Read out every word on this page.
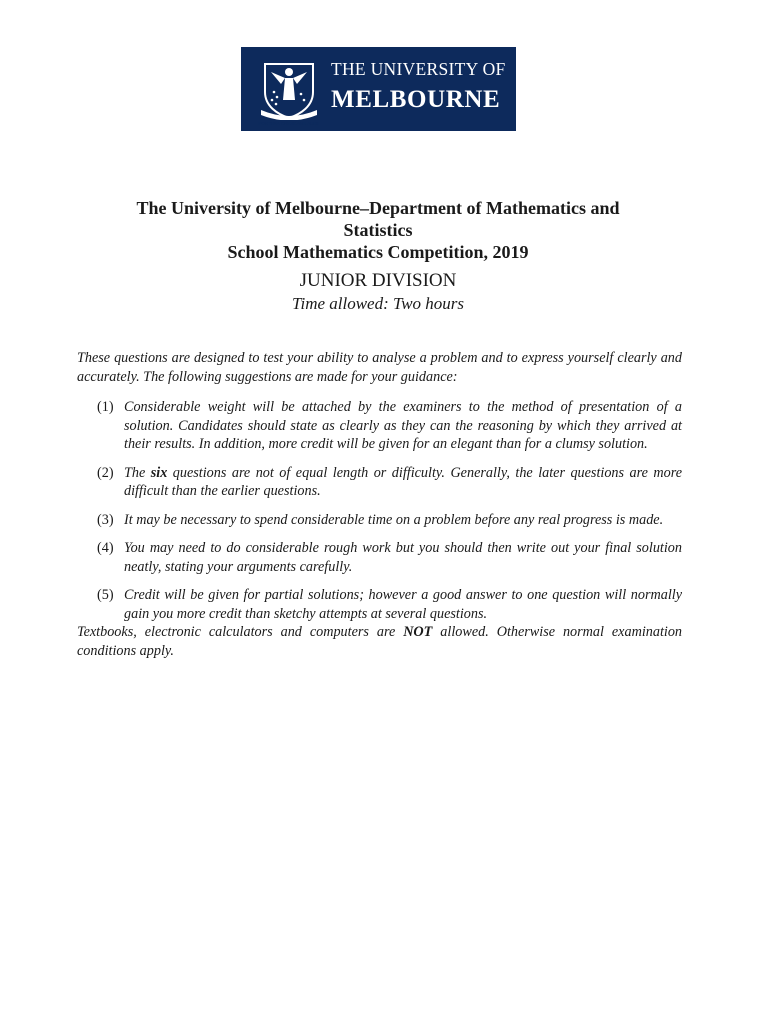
POSTERA CRESCAM LAUDE
THE UNIVERSITY OF
MELBOURNE
The University of Melbourne–Department of Mathematics and
Statistics
School Mathematics Competition, 2019
JUNIOR DIVISION
Time allowed: Two hours

These questions are designed to test your ability to analyse a problem and to express yourself clearly and accurately. The following suggestions are made for your guidance:

(1) Considerable weight will be attached by the examiners to the method of presentation of a solution. Candidates should state as clearly as they can the reasoning by which they arrived at their results. In addition, more credit will be given for an elegant than for a clumsy solution.
(2) The six questions are not of equal length or difficulty. Generally, the later questions are more difficult than the earlier questions.
(3) It may be necessary to spend considerable time on a problem before any real progress is made.
(4) You may need to do considerable rough work but you should then write out your final solution neatly, stating your arguments carefully.
(5) Credit will be given for partial solutions; however a good answer to one question will normally gain you more credit than sketchy attempts at several questions.

Textbooks, electronic calculators and computers are NOT allowed. Otherwise normal examination conditions apply.
